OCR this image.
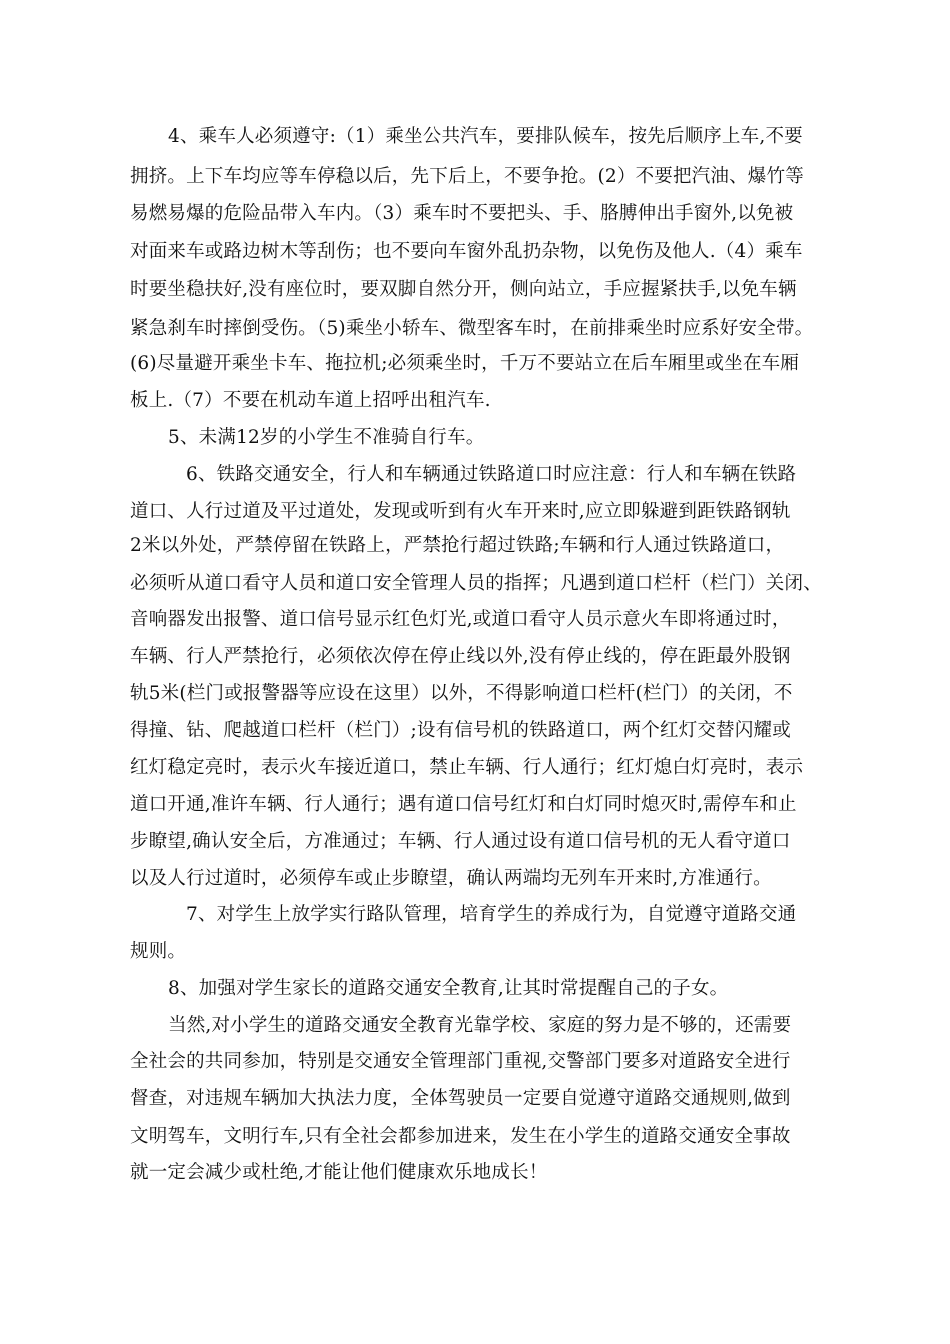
4、乘车人必须遵守:（1）乘坐公共汽车，要排队候车，按先后顺序上车,不要
拥挤。上下车均应等车停稳以后，先下后上，不要争抢。(2）不要把汽油、爆竹等
易燃易爆的危险品带入车内。（3）乘车时不要把头、手、胳膊伸出手窗外,以免被
对面来车或路边树木等刮伤；也不要向车窗外乱扔杂物，以免伤及他人.（4）乘车
时要坐稳扶好,没有座位时，要双脚自然分开，侧向站立，手应握紧扶手,以免车辆
紧急刹车时摔倒受伤。（5)乘坐小轿车、微型客车时，在前排乘坐时应系好安全带。
(6)尽量避开乘坐卡车、拖拉机;必须乘坐时，千万不要站立在后车厢里或坐在车厢
板上.（7）不要在机动车道上招呼出租汽车.
5、未满12岁的小学生不准骑自行车。
6、铁路交通安全，行人和车辆通过铁路道口时应注意：行人和车辆在铁路
道口、人行过道及平过道处，发现或听到有火车开来时,应立即躲避到距铁路钢轨
2米以外处，严禁停留在铁路上，严禁抢行超过铁路;车辆和行人通过铁路道口，
必须听从道口看守人员和道口安全管理人员的指挥；凡遇到道口栏杆（栏门）关闭、
音响器发出报警、道口信号显示红色灯光,或道口看守人员示意火车即将通过时，
车辆、行人严禁抢行，必须依次停在停止线以外,没有停止线的，停在距最外股钢
轨5米(栏门或报警器等应设在这里）以外，不得影响道口栏杆(栏门）的关闭，不
得撞、钻、爬越道口栏杆（栏门）;设有信号机的铁路道口，两个红灯交替闪耀或
红灯稳定亮时，表示火车接近道口，禁止车辆、行人通行；红灯熄白灯亮时，表示
道口开通,准许车辆、行人通行；遇有道口信号红灯和白灯同时熄灭时,需停车和止
步瞭望,确认安全后，方准通过；车辆、行人通过设有道口信号机的无人看守道口
以及人行过道时，必须停车或止步瞭望，确认两端均无列车开来时,方准通行。
7、对学生上放学实行路队管理，培育学生的养成行为，自觉遵守道路交通
规则。
8、加强对学生家长的道路交通安全教育,让其时常提醒自己的子女。
当然,对小学生的道路交通安全教育光靠学校、家庭的努力是不够的，还需要
全社会的共同参加，特别是交通安全管理部门重视,交警部门要多对道路安全进行
督查，对违规车辆加大执法力度，全体驾驶员一定要自觉遵守道路交通规则,做到
文明驾车，文明行车,只有全社会都参加进来，发生在小学生的道路交通安全事故
就一定会减少或杜绝,才能让他们健康欢乐地成长！
